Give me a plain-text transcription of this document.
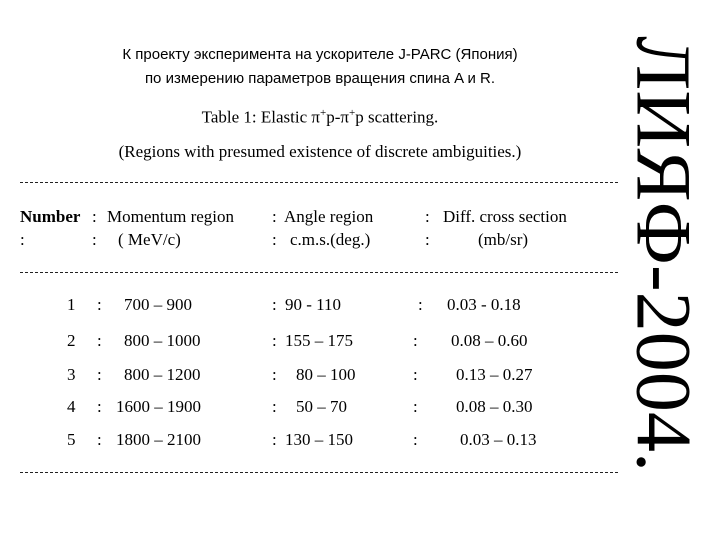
К проекту эксперимента на ускорителе J-PARC (Япония)
по измерению параметров вращения спина A и R.
Table 1: Elastic π+p-π+p scattering.
(Regions with presumed existence of discrete ambiguities.)
Number : Momentum region : Angle region	: Diff. cross section
:	: ( MeV/c)	: c.m.s.(deg.)	:	(mb/sr)
1 : 700 – 900	: 90 - 110	: 0.03 - 0.18
2 : 800 – 1000	: 155 – 175	: 0.08 – 0.60
3 : 800 – 1200	: 80 – 100	: 0.13 – 0.27
4 : 1600 – 1900	: 50 – 70	: 0.08 – 0.30
5 : 1800 – 2100	: 130 – 150	: 0.03 – 0.13 ЛИЯФ-2004.
